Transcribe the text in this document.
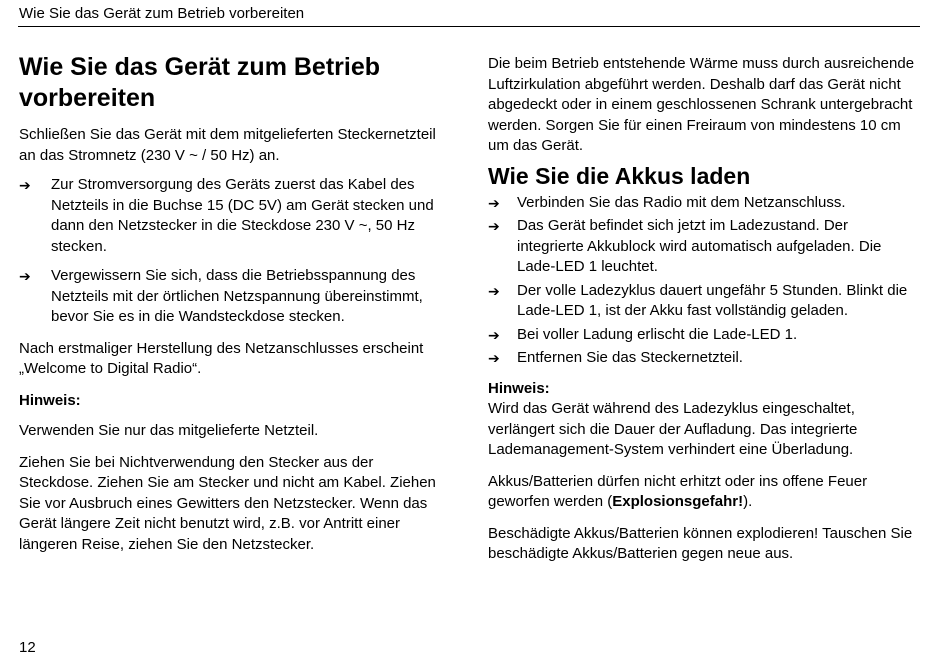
Wie Sie das Gerät zum Betrieb vorbereiten
Wie Sie das Gerät zum Betrieb vorbereiten

Schließen Sie das Gerät mit dem mitgelieferten Steckernetzteil an das Stromnetz (230 V ~ / 50 Hz) an.

➔	Zur Stromversorgung des Geräts zuerst das Kabel des Netzteils in die Buchse 15 (DC 5V) am Gerät stecken und dann den Netzstecker in die Steckdose 230 V ~, 50 Hz stecken.
➔	Vergewissern Sie sich, dass die Betriebsspannung des Netzteils mit der örtlichen Netzspannung übereinstimmt, bevor Sie es in die Wandsteckdose stecken.

Nach erstmaliger Herstellung des Netzanschlusses erscheint „Welcome to Digital Radio“.

Hinweis:

Verwenden Sie nur das mitgelieferte Netzteil.

Ziehen Sie bei Nichtverwendung den Stecker aus der Steckdose. Ziehen Sie am Stecker und nicht am Kabel. Ziehen Sie vor Ausbruch eines Gewitters den Netzstecker. Wenn das Gerät längere Zeit nicht benutzt wird, z.B. vor Antritt einer längeren Reise, ziehen Sie den Netzstecker.

Die beim Betrieb entstehende Wärme muss durch ausreichende Luftzirkulation abgeführt werden. Deshalb darf das Gerät nicht abgedeckt oder in einem geschlossenen Schrank untergebracht werden. Sorgen Sie für einen Freiraum von mindestens 10 cm um das Gerät.

Wie Sie die Akkus laden
➔	Verbinden Sie das Radio mit dem Netzanschluss.
➔	Das Gerät befindet sich jetzt im Ladezustand. Der integrierte Akkublock wird automatisch aufgeladen. Die Lade-LED 1 leuchtet.
➔	Der volle Ladezyklus dauert ungefähr 5 Stunden. Blinkt die Lade-LED 1, ist der Akku fast vollständig geladen.
➔	Bei voller Ladung erlischt die Lade-LED 1.
➔	Entfernen Sie das Steckernetzteil.

Hinweis:

Wird das Gerät während des Ladezyklus eingeschaltet, verlängert sich die Dauer der Aufladung. Das integrierte Lademanagement-System verhindert eine Überladung.

Akkus/Batterien dürfen nicht erhitzt oder ins offene Feuer geworfen werden (Explosionsgefahr!).

Beschädigte Akkus/Batterien können explodieren! Tauschen Sie beschädigte Akkus/Batterien gegen neue aus.

12
